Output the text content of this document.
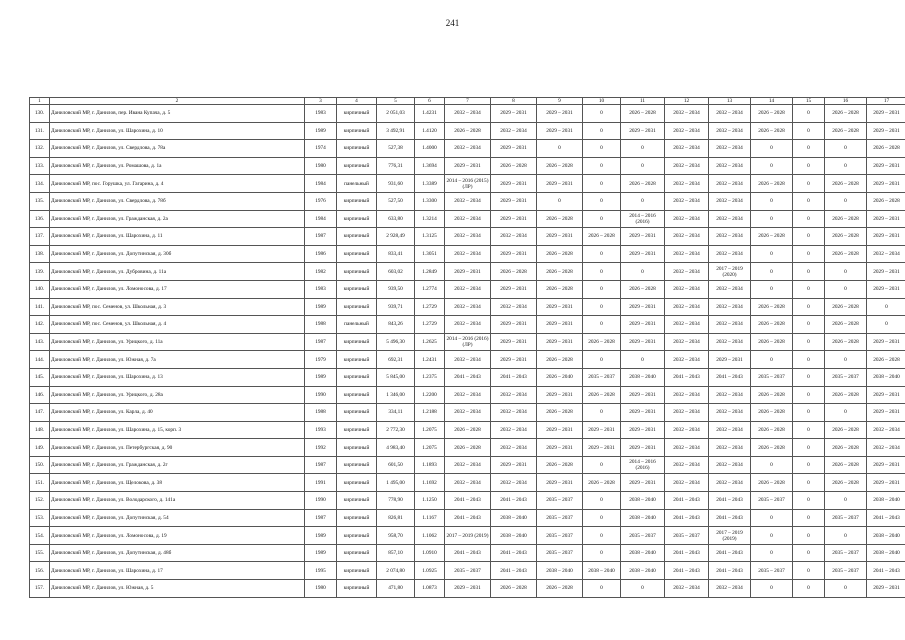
241
1	2	3	4	5	6	7	8	9	10	11	12	13	14	15	16	17
130.	Даниловский МР, г. Данилов, пер. Ивана Купача, д. 5	1983	кирпичный	2 051,03	1.4231	2032 – 2034	2029 – 2031	2029 – 2031	0	2026 – 2028	2032 – 2034	2032 – 2034	2026 – 2028	0	2026 – 2028	2029 – 2031
131.	Даниловский МР, г. Данилов, ул. Шарохина, д. 10	1989	кирпичный	3 492,91	1.4120	2026 – 2028	2032 – 2034	2029 – 2031	0	2029 – 2031	2032 – 2034	2032 – 2034	2026 – 2028	0	2026 – 2028	2029 – 2031
132.	Даниловский МР, г. Данилов, ул. Свердлова, д. 78а	1974	кирпичный	527,38	1.4000	2032 – 2034	2029 – 2031	0	0	0	2032 – 2034	2032 – 2034	0	0	0	2026 – 2028
133.	Даниловский МР, г. Данилов, ул. Ромашова, д. 1а	1980	кирпичный	776,31	1.3694	2029 – 2031	2026 – 2028	2026 – 2028	0	0	2032 – 2034	2032 – 2034	0	0	0	2029 – 2031
134.	Даниловский МР, пос. Горушка, ул. Гагарина, д. 4	1984	панельный	931,60	1.3389	2014 – 2016 (2015) (ЛР)	2029 – 2031	2029 – 2031	0	2026 – 2028	2032 – 2034	2032 – 2034	2026 – 2028	0	2026 – 2028	2029 – 2031
135.	Даниловский МР, г. Данилов, ул. Свердлова, д. 78б	1976	кирпичный	527,50	1.3300	2032 – 2034	2029 – 2031	0	0	0	2032 – 2034	2032 – 2034	0	0	0	2026 – 2028
136.	Даниловский МР, г. Данилов, ул. Гражданская, д. 2а	1984	кирпичный	633,80	1.3214	2032 – 2034	2029 – 2031	2026 – 2028	0	2014 – 2016 (2016)	2032 – 2034	2032 – 2034	0	0	2026 – 2028	2029 – 2031
137.	Даниловский МР, г. Данилов, ул. Шарохина, д. 11	1987	кирпичный	2 928,49	1.3125	2032 – 2034	2032 – 2034	2029 – 2031	2026 – 2028	2029 – 2031	2032 – 2034	2032 – 2034	2026 – 2028	0	2026 – 2028	2029 – 2031
138.	Даниловский МР, г. Данилов, ул. Допутинская, д. 30б	1986	кирпичный	833,41	1.3051	2032 – 2034	2029 – 2031	2026 – 2028	0	2029 – 2031	2032 – 2034	2032 – 2034	0	0	2026 – 2028	2032 – 2034
139.	Даниловский МР, г. Данилов, ул. Дубровина, д. 11а	1982	кирпичный	603,02	1.2849	2029 – 2031	2026 – 2028	2026 – 2028	0	0	2032 – 2034	2017 – 2019 (2020)	0	0	0	2029 – 2031
140.	Даниловский МР, г. Данилов, ул. Ломоносова, д. 17	1983	кирпичный	939,50	1.2774	2032 – 2034	2029 – 2031	2026 – 2028	0	2026 – 2028	2032 – 2034	2032 – 2034	0	0	0	2029 – 2031
141.	Даниловский МР, пос. Семенов, ул. Школьная, д. 3	1989	кирпичный	939,71	1.2729	2032 – 2034	2032 – 2034	2029 – 2031	0	2029 – 2031	2032 – 2034	2032 – 2034	2026 – 2028	0	2026 – 2028	0
142.	Даниловский МР, пос. Семенов, ул. Школьная, д. 4	1988	панельный	843,26	1.2729	2032 – 2034	2029 – 2031	2029 – 2031	0	2029 – 2031	2032 – 2034	2032 – 2034	2026 – 2028	0	2026 – 2028	0
143.	Даниловский МР, г. Данилов, ул. Урицкого, д. 11а	1987	кирпичный	5 496,30	1.2625	2014 – 2016 (2016) (ЛР)	2029 – 2031	2029 – 2031	2026 – 2028	2029 – 2031	2032 – 2034	2032 – 2034	2026 – 2028	0	2026 – 2028	2029 – 2031
144.	Даниловский МР, г. Данилов, ул. Южная, д. 7а	1979	кирпичный	692,31	1.2431	2032 – 2034	2029 – 2031	2026 – 2028	0	0	2032 – 2034	2029 – 2031	0	0	0	2026 – 2028
145.	Даниловский МР, г. Данилов, ул. Шарохина, д. 13	1989	кирпичный	5 845,00	1.2375	2041 – 2043	2041 – 2043	2026 – 2040	2035 – 2037	2038 – 2040	2041 – 2043	2041 – 2043	2035 – 2037	0	2035 – 2037	2038 – 2040
146.	Даниловский МР, г. Данилов, ул. Урицкого, д. 28а	1990	кирпичный	1 346,00	1.2200	2032 – 2034	2032 – 2034	2029 – 2031	2026 – 2028	2029 – 2031	2032 – 2034	2032 – 2034	2026 – 2028	0	2026 – 2028	2029 – 2031
147.	Даниловский МР, г. Данилов, ул. Карла, д. 40	1988	кирпичный	334,11	1.2188	2032 – 2034	2032 – 2034	2026 – 2028	0	2029 – 2031	2032 – 2034	2032 – 2034	2026 – 2028	0	0	2029 – 2031
148.	Даниловский МР, г. Данилов, ул. Шарохина, д. 15, корп. 3	1993	кирпичный	2 772,30	1.2075	2026 – 2028	2032 – 2034	2029 – 2031	2029 – 2031	2029 – 2031	2032 – 2034	2032 – 2034	2026 – 2028	0	2026 – 2028	2032 – 2034
149.	Даниловский МР, г. Данилов, ул. Петербургская, д. 90	1992	кирпичный	4 983,40	1.2075	2026 – 2028	2032 – 2034	2029 – 2031	2029 – 2031	2029 – 2031	2032 – 2034	2032 – 2034	2026 – 2028	0	2026 – 2028	2032 – 2034
150.	Даниловский МР, г. Данилов, ул. Гражданская, д. 2г	1987	кирпичный	601,50	1.1893	2032 – 2034	2029 – 2031	2026 – 2028	0	2014 – 2016 (2016)	2032 – 2034	2032 – 2034	0	0	2026 – 2028	2029 – 2031
151.	Даниловский МР, г. Данилов, ул. Щелокова, д. 38	1991	кирпичный	1 495,00	1.1692	2032 – 2034	2032 – 2034	2029 – 2031	2026 – 2028	2029 – 2031	2032 – 2034	2032 – 2034	2026 – 2028	0	2026 – 2028	2029 – 2031
152.	Даниловский МР, г. Данилов, ул. Володарского, д. 141а	1990	кирпичный	778,90	1.1250	2041 – 2043	2041 – 2043	2035 – 2037	0	2038 – 2040	2041 – 2043	2041 – 2043	2035 – 2037	0	0	2038 – 2040
153.	Даниловский МР, г. Данилов, ул. Допутинская, д. 54	1987	кирпичный	826,81	1.1167	2041 – 2043	2038 – 2040	2035 – 2037	0	2038 – 2040	2041 – 2043	2041 – 2043	0	0	2035 – 2037	2041 – 2043
154.	Даниловский МР, г. Данилов, ул. Ломоносова, д. 19	1989	кирпичный	958,70	1.1062	2017 – 2019 (2019)	2038 – 2040	2035 – 2037	0	2035 – 2037	2035 – 2037	2017 – 2019 (2019)	0	0	0	2038 – 2040
155.	Даниловский МР, г. Данилов, ул. Допутинская, д. 48б	1989	кирпичный	857,10	1.0910	2041 – 2043	2041 – 2043	2035 – 2037	0	2038 – 2040	2041 – 2043	2041 – 2043	0	0	2035 – 2037	2038 – 2040
156.	Даниловский МР, г. Данилов, ул. Шарохина, д. 17	1995	кирпичный	2 074,80	1.0925	2035 – 2037	2041 – 2043	2038 – 2040	2038 – 2040	2038 – 2040	2041 – 2043	2041 – 2043	2035 – 2037	0	2035 – 2037	2041 – 2043
157.	Даниловский МР, г. Данилов, ул. Южная, д. 5	1980	кирпичный	471,80	1.0873	2029 – 2031	2026 – 2028	2026 – 2028	0	0	2032 – 2034	2032 – 2034	0	0	0	2029 – 2031
